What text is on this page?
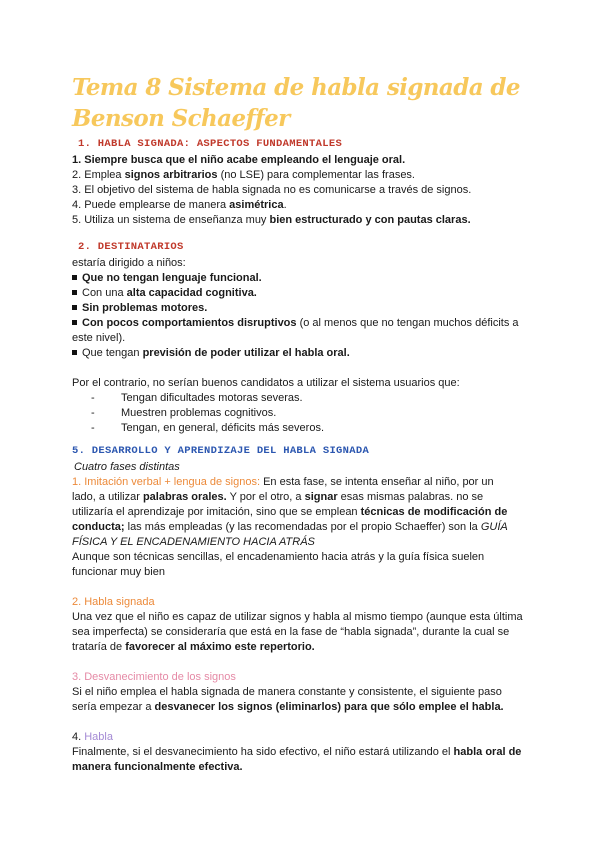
Tema 8 Sistema de habla signada de Benson Schaeffer
1. HABLA SIGNADA: ASPECTOS FUNDAMENTALES
1. Siempre busca que el niño acabe empleando el lenguaje oral.
2. Emplea signos arbitrarios (no LSE) para complementar las frases.
3. El objetivo del sistema de habla signada no es comunicarse a través de signos.
4. Puede emplearse de manera asimétrica.
5. Utiliza un sistema de enseñanza muy bien estructurado y con pautas claras.
2. DESTINATARIOS
estaría dirigido a niños:
Que no tengan lenguaje funcional.
Con una alta capacidad cognitiva.
Sin problemas motores.
Con pocos comportamientos disruptivos (o al menos que no tengan muchos déficits a
este nivel).
Que tengan previsión de poder utilizar el habla oral.
Por el contrario, no serían buenos candidatos a utilizar el sistema usuarios que:
- Tengan dificultades motoras severas.
- Muestren problemas cognitivos.
- Tengan, en general, déficits más severos.
5. DESARROLLO Y APRENDIZAJE DEL HABLA SIGNADA
Cuatro fases distintas
1. Imitación verbal + lengua de signos: En esta fase, se intenta enseñar al niño, por un
lado, a utilizar palabras orales. Y por el otro, a signar esas mismas palabras. no se
utilizaría el aprendizaje por imitación, sino que se emplean técnicas de modificación de
conducta; las más empleadas (y las recomendadas por el propio Schaeffer) son la GUÍA
FÍSICA Y EL ENCADENAMIENTO HACIA ATRÁS
Aunque son técnicas sencillas, el encadenamiento hacia atrás y la guía física suelen
funcionar muy bien
2. Habla signada
Una vez que el niño es capaz de utilizar signos y habla al mismo tiempo (aunque esta última
sea imperfecta) se consideraría que está en la fase de “habla signada”, durante la cual se
trataría de favorecer al máximo este repertorio.
3. Desvanecimiento de los signos
Si el niño emplea el habla signada de manera constante y consistente, el siguiente paso
sería empezar a desvanecer los signos (eliminarlos) para que sólo emplee el habla.
4. Habla
Finalmente, si el desvanecimiento ha sido efectivo, el niño estará utilizando el habla oral de
manera funcionalmente efectiva.
